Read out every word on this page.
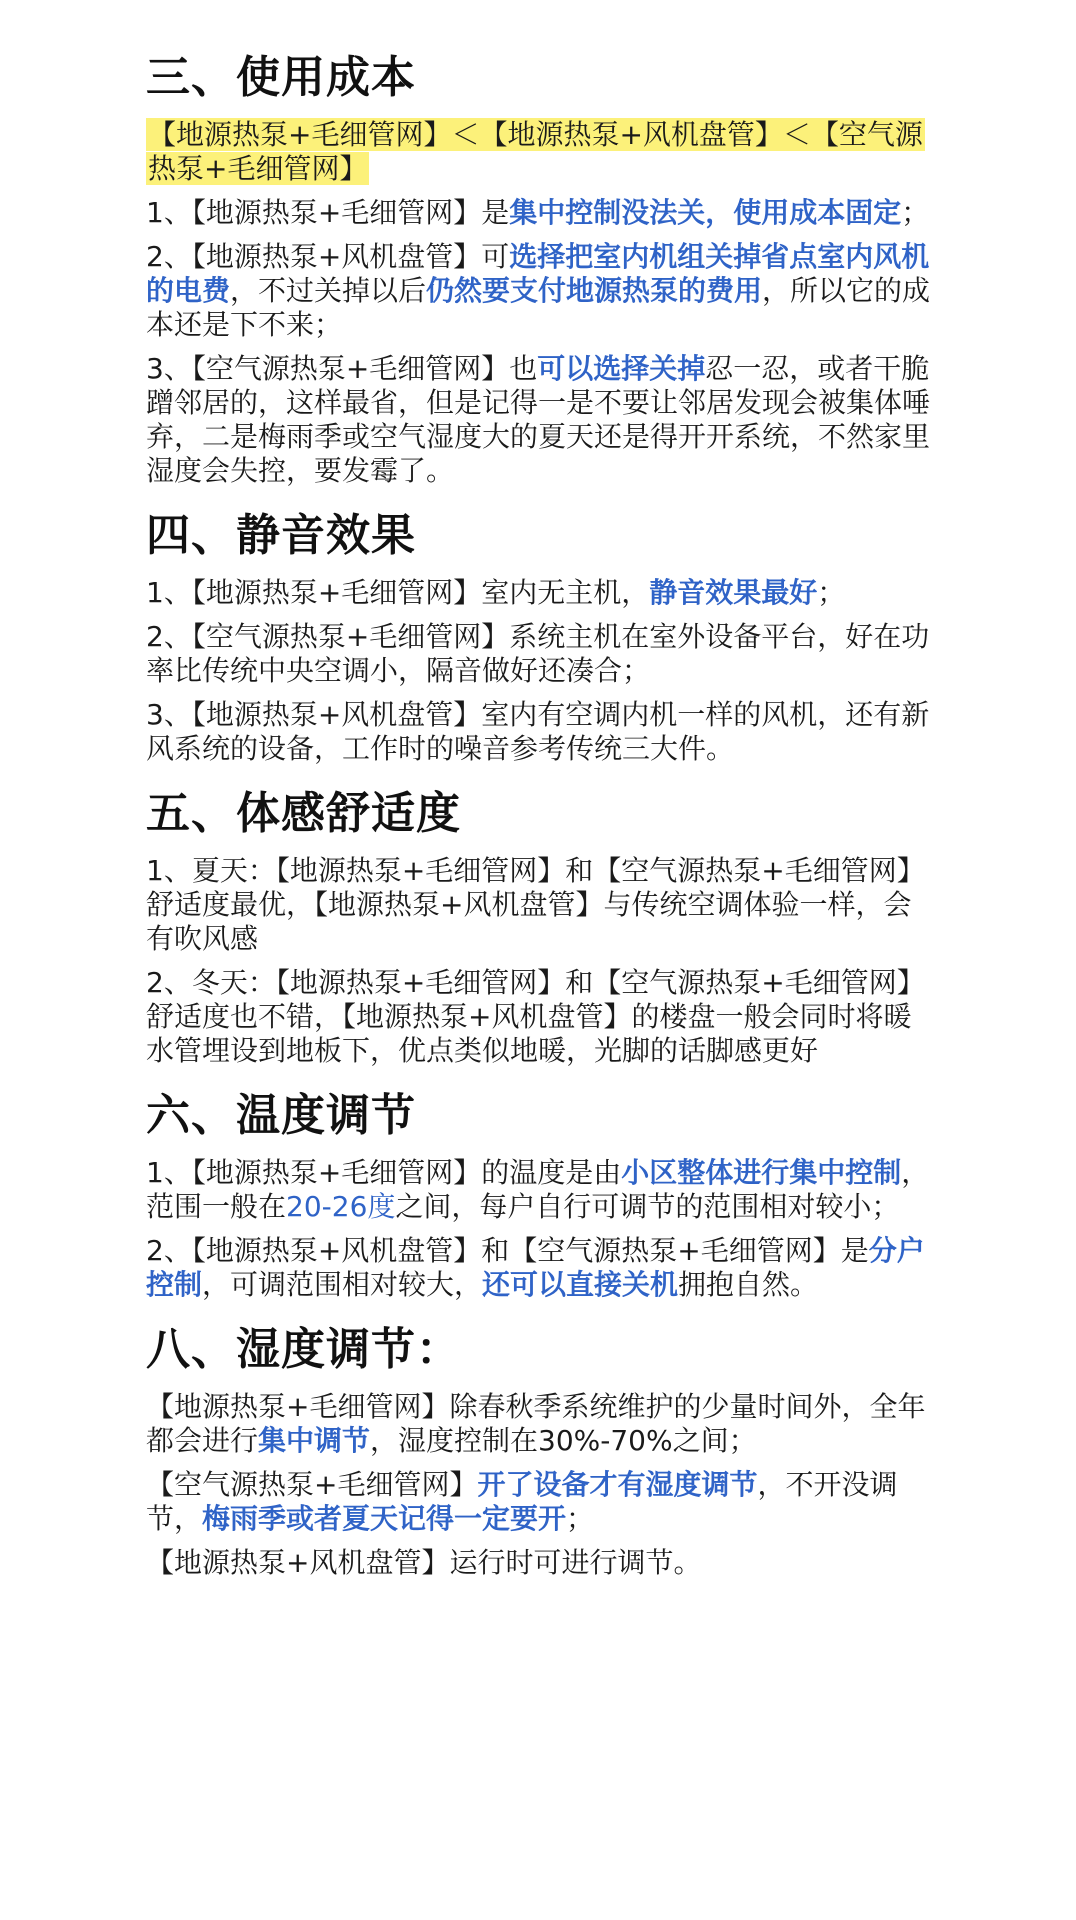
三、使用成本

【地源热泵+毛细管网】＜【地源热泵+风机盘管】＜【空气源热泵+毛细管网】

1、【地源热泵+毛细管网】是集中控制没法关，使用成本固定；

2、【地源热泵+风机盘管】可选择把室内机组关掉省点室内风机的电费，不过关掉以后仍然要支付地源热泵的费用，所以它的成本还是下不来；

3、【空气源热泵+毛细管网】也可以选择关掉忍一忍，或者干脆蹭邻居的，这样最省，但是记得一是不要让邻居发现会被集体唾弃，二是梅雨季或空气湿度大的夏天还是得开开系统，不然家里湿度会失控，要发霉了。

四、静音效果

1、【地源热泵+毛细管网】室内无主机，静音效果最好；

2、【空气源热泵+毛细管网】系统主机在室外设备平台，好在功率比传统中央空调小，隔音做好还凑合；

3、【地源热泵+风机盘管】室内有空调内机一样的风机，还有新风系统的设备，工作时的噪音参考传统三大件。

五、体感舒适度

1、夏天：【地源热泵+毛细管网】和【空气源热泵+毛细管网】舒适度最优，【地源热泵+风机盘管】与传统空调体验一样，会有吹风感

2、冬天：【地源热泵+毛细管网】和【空气源热泵+毛细管网】舒适度也不错，【地源热泵+风机盘管】的楼盘一般会同时将暖水管埋设到地板下，优点类似地暖，光脚的话脚感更好

六、温度调节

1、【地源热泵+毛细管网】的温度是由小区整体进行集中控制，范围一般在20-26度之间，每户自行可调节的范围相对较小；

2、【地源热泵+风机盘管】和【空气源热泵+毛细管网】是分户控制，可调范围相对较大，还可以直接关机拥抱自然。

八、湿度调节：

【地源热泵+毛细管网】除春秋季系统维护的少量时间外，全年都会进行集中调节，湿度控制在30%-70%之间；

【空气源热泵+毛细管网】开了设备才有湿度调节，不开没调节，梅雨季或者夏天记得一定要开；

【地源热泵+风机盘管】运行时可进行调节。
